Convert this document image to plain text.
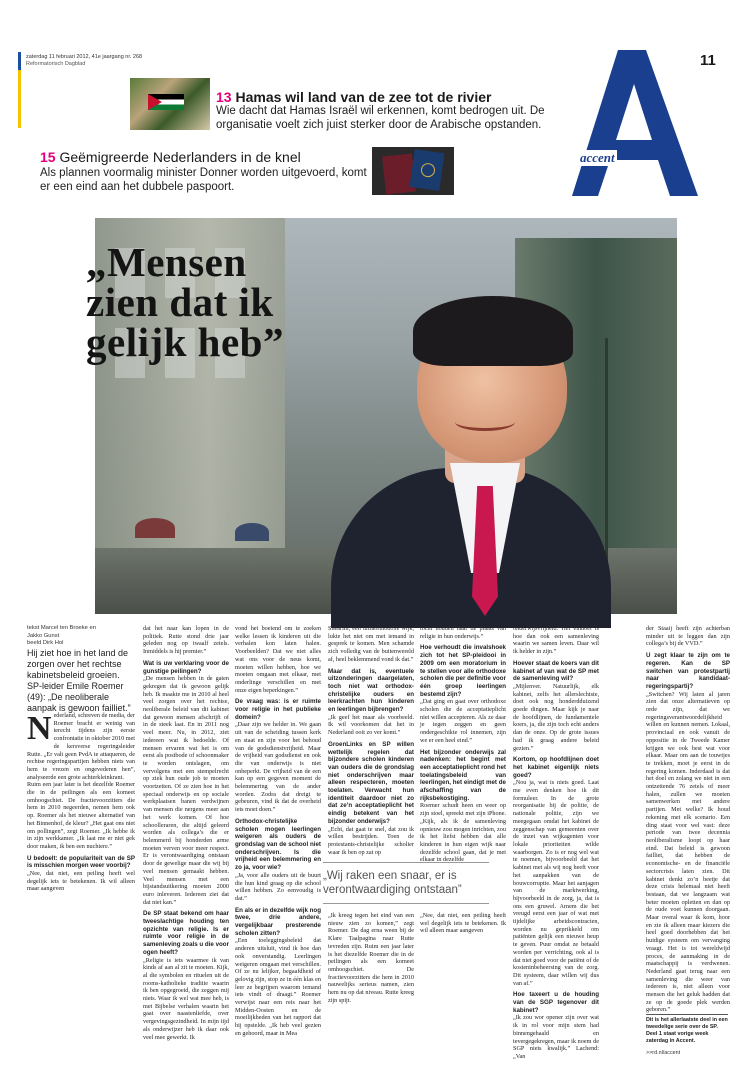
zaterdag 11 februari 2012, 41e jaargang nr. 268
Reformatorisch Dagblad	11
13 Hamas wil land van de zee tot de rivier
Wie dacht dat Hamas Israël wil erkennen, komt bedrogen uit. De organisatie voelt zich juist sterker door de Arabische opstanden.
15 Geëmigreerde Nederlanders in de knel
Als plannen voormalig minister Donner worden uitgevoerd, komt er een eind aan het dubbele paspoort.
A
accent
„Mensen
zien dat ik
gelijk heb”
tekst Marcel ten Broeke en
Jakko Gunst
beeld Dirk Hol
Hij ziet hoe in het land de zorgen over het rechtse kabinetsbeleid groeien. SP-leider Emile Roemer (49): „De neoliberale aanpak is gewoon failliet.”

Nederland, schreven de media, der Roemer bracht er weinig van terecht tijdens zijn eerste confrontatie in oktober 2010 met de kersverse regeringsleider Rutte. „Er valt geen PvdA te attaqueren, de rechtse regeringspartijen hebben niets van hem te vrezen en ongevederen hen”, analyseerde een grote achterkleinkrant.

Ruim een jaar later is het dezelfde Roemer die in de peilingen als een komeet omhoogschiet. De fractievoorzitters die hem in 2010 negeerden, nemen hem ook op. Roemer als het nieuwe alternatief van het Binnenhof, de kleur? „Het gaat ons niet om pollingen”, zegt Roemer. „Ik hebbe ik in zijn werkkamer. „Ik laat me er niet gek door maken, ik ben een nuchtere.”

U bedoelt: de populariteit van de SP is misschien morgen weer voorbij?

„Nee, dat niet, een peiling heeft wel degelijk iets te betekenen. Ik wil alleen maar aangeven

dat het naar kan lopen in de politiek. Rutte stond drie jaar geleden nog op twaalf zetels. Inmiddels is hij premier.”

Wat is uw verklaring voor de gunstige peilingen?

„De mensen hebben in de gaten gekregen dat ik gewoon gelijk heb. Ik maakte me in 2010 al heel veel zorgen over het rechtse, neoliberale beleid van dit kabinet dat gewoon mensen afschrijft of in de steek laat. En in 2011 nog veel meer. Nu, in 2012, ziet iedereen wat ik bedoelde. Of mensen ervaren wat het is om eerst als postbode of schoonmaker te worden ontslagen, om vervolgens met een stempelrecht op ziek hun oude job te moeten voortzetten. Of ze zien hoe in het speciaal onderwijs en op sociale werkplaatsen banen verdwijnen van mensen die nergens meer aan het werk komen. Of hoe schoolleraren, die altijd geleerd worden als collega’s die er belemmerd bij honderden arme moeten verven voor meer respect. Er is verontwaardiging ontstaan door de gewelige maar die wij bij veel mensen gemaakt hebben. Veel mensen met een bijstandsuitkering moeten 2000 euro inleveren. Iedereen ziet dat dat niet kan.”

De SP staat bekend om haar tweeslachtige houding ten opzichte van religie. Is er ruimte voor religie in de samenleving zoals u die voor ogen heeft?

„Religie is iets waarmee ik van kinds af aan al zit te moeten. Kijk, al die symbolen en rituelen uit de rooms-katholieke traditie waarin ik ben opgegroeid, die zeggen mij niets. Waar ik wel wat mee heb, is met Bijbelse verhalen waarin het gaat over naastenliefde, over vergevingsgezindheid. In mijn tijd als onderwijzer heb ik daar ook veel mee gewerkt. Ik

vond het boeiend om te zoeken welke lessen ik kinderen uit die verhalen kon laten halen. Voorbeelden? Dat we niet alles wat ons voor de neus komt, moeten willen hebben, hoe we moeten omgaan met elkaar, met onderlinge verschillen en met onze eigen beperkingen.”

De vraag was: is er ruimte voor religie in het publieke domein?

„Daar zijn we helder in. We gaan uit van de scheiding tussen kerk en staat en zijn voor het behoud van de godsdienstvrijheid. Maar de vrijheid van godsdienst en ook die van onderwijs is niet onbeperkt. De vrijheid van de een kan op een gegeven moment de belemmering van de ander worden. Zodra dat dreigt te gebeuren, vind ik dat de overheid iets moet doen.”

Orthodox-christelijke scholen mogen leerlingen weigeren als ouders de grondslag van de school niet onderschrijven. Is die vrijheid een belemmering en zo ja, voor wie?

„Ja, voor alle ouders uit de buurt die hun kind graag op die school willen hebben. Zo eenvoudig is dat.”

En als er in dezelfde wijk nog twee, drie andere, vergelijkbaar presterende scholen zitten?

„Een toeleggingsbeleid dat anderen uitsluit, vind ik hoe dan ook onverstandig. Leerlingen weigeren omgaan met verschillen. Of ze nu lelijker, begaafdheid of gelovig zijn, stop ze in één klas en leer ze begrijpen waarom iemand iets vindt of draagt.” Roemer verwijst naar een reis naar het Midden-Oosten en de moeilijkheden van het rapport dat hij opstelde. „Ik heb veel gezien en gehoord, maar in Mea

Shearim, een ultraorthodoxe wijk, lukte het niet om met iemand in gesprek te komen. Men schamde zich volledig van de buitenwereld af, heel beklemmend vond ik dat.”

Maar dat is, eventuele uitzonderingen daargelaten, toch niet wat orthodox-christelijke ouders en leerkrachten hun kinderen en leerlingen bijbrengen?

„Ik geef het maar als voorbeeld. Ik wil voorkomen dat het in Nederland ooit zo ver komt.”

GroenLinks en SP willen wettelijk regelen dat bijzondere scholen kinderen van ouders die de grondslag niet onderschrijven maar alleen respecteren, moeten toelaten. Verwacht hun identiteit daardoor niet zo dat ze’n acceptatieplicht het eindig betekent van het bijzonder onderwijs?

„Echt, dat gaat te snel, dat zou ik willen bestrijden. Toen de protestants-christelijke scholier waar ik ben op zat op

tocht houden naar de plaats van religie in hun onderwijs.”

Hoe verhoudt die invalshoek zich tot het SP-pleidooi in 2009 om een moratorium in te stellen voor alle orthodoxe scholen die per definitie voor één groep leerlingen bestemd zijn?

„Dat ging en gaat over orthodoxe scholen die de acceptatieplicht niet willen accepteren. Als ze daar je tegen zeggen en geen ondergeschikte rol innemen, zijn we er een heel eind.”

Het bijzonder onderwijs zal nadenken: het begint met een acceptatieplicht rond het toelatingsbeleid van leerlingen, het eindigt met de afschaffing van de rijksbekostiging.

Roemer schudt heen en weer op zijn stoel, spreekt met zijn iPhone. „Kijk, als ik de samenleving opnieuw zou mogen inrichten, zou ik het liefst hebben dat alle kinderen in hun eigen wijk naar dezelfde school gaan, dat je met elkaar in dezelfde

„Wij raken een snaar, er is verontwaardiging ontstaan”

„Ik kreeg tegen het eind van een nieuw zien zo komen,” zegt Roemer. De dag erna ween bij de Klare Taalpagina naar Rutte tevreden zijn. Ruim een jaar later is het diezelfde Roemer die in de peilingen als een komeet omhoogschiet. De fractievoorzitters die hem in 2010 nauwelijks serieus namen, zien hem nu op dat niveau. Rutte kreeg zijn spijt.

„Nee, dat niet, een peiling heeft wel degelijk iets te betekenen. Ik wil alleen maar aangeven

onderwijsvrijheid. Het eindoel is hoe dan ook een samenleving waarin we samen leven. Daar wil ik helder in zijn.”

Hoever staat de koers van dit kabinet af van wat de SP met de samenleving wil?

„Mijlenver. Natuurlijk, elk kabinet, zelfs het allerslechtste, doet ook nog honderdduizend goede dingen. Maar kijk je naar de hoofdlijnen, de fundamentele koers, ja, die zijn toch echt anders dan de onze. Op de grote issues had ik graag andere beleid gezien.”

Kortom, op hoofdlijnen doet het kabinet eigenlijk niets goed?

„Nou ja, wat is niets goed. Laat me even denken hoe ik dit formuleer. In de grote reorganisatie bij de politie, de nationale politie, zijn we meegegaan omdat het kabinet de zeggenschap van gemeenten over de inzet van wijkagenten voor lokale prioriteiten wilde waarborgen. Zo is er nog wel wat te noemen, bijvoorbeeld dat het kabinet met als wij nog heeft voor het aanpakken van de bouwcorruptie. Maar het aanjagen van de marktwerking, bijvoorbeeld in de zorg, ja, dat is ons een gruwel. Arnem die het vreugd eerst een jaar of wat met tijdelijke arbeidscontracten, worden nu geprikkeld om patiënten gelijk een nieuwe heup te geven. Puur omdat ze betaald worden per verrichting, ook al is dat niet goed voor de patiënt of de kosteninbeheersing van de zorg. Dit systeem, daar willen wij dus van af.”

Hoe taxeert u de houding van de SGP tegenover dit kabinet?

„Ik zou wor opener zijn over wat ik in rol voor mijn stem had binnengehaald en tevergegekregen, maar ik noem de SGP niets kwalijk.” Lachend: „Van

der Staaij heeft zijn achterban minder uit te leggen dan zijn collega’s bij de VVD.”

U zegt klaar te zijn om te regeren. Kan de SP switchen van protestpartij naar kandidaat-regeringspartij?

„Switchen? Wij laten al jaren zien dat onze alternatieven op orde zijn, dat we regeringsverantwoordelijkheid willen en kunnen nemen. Lokaal, provinciaal en ook vanuit de oppositie in de Tweede Kamer krijgen we ook best wat voor elkaar. Maar om aan de touwtjes te trekken, moet je eerst in de regering komen. Inderdaad is dat het doel en zolang we niet in een ontzettende 76 zetels of meer halen, zullen we moeten samenwerken met andere partijen. Met welke? Ik houd rekening met elk scenario. Een ding staat voor wel vast: deze periode van twee decennia neoliberalisme loopt op haar eind. Dat beleid is gewoon failliet, dat hebben de economische- en de financiële sectorcrisis laten zien. Dit kabinet denkt zo’n beetje dat deze crisis helemaal niet heeft bestaan, dat we langzaam wat beter moeten opletten en dan op de oude voet kunnen doorgaan. Maar overal waar ik kom, hoor en zie ik alleen maar kiezers die heel goed doorhebben dat het huidige systeem om vervanging vraagt. Het is tot wereldwijd proces, de aanmaking in de maatschappij is verdwenen. Nederland gaat terug naar een samenleving die weer van iedereen is, niet alleen voor mensen die het geluk hadden dat ze op de goede plek werden geboren.”

Dit is het allerlaatste deel in een tweedelige serie over de SP. Deel 1 staat vorige week zaterdag in Accent.
>>rd.nl/accent
